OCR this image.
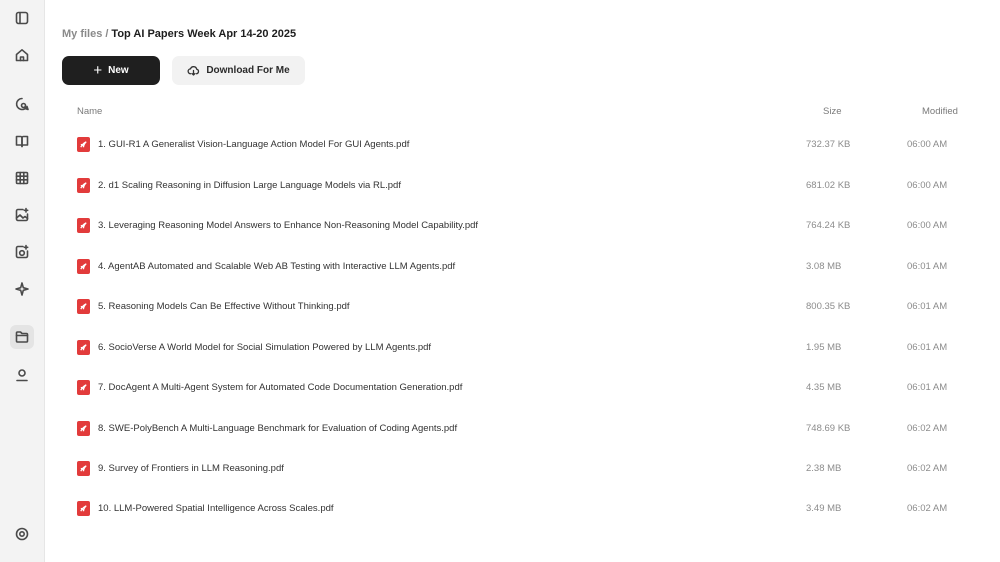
My files / Top AI Papers Week Apr 14-20 2025
+ New	Download For Me
Name	Size	Modified
1. GUI-R1 A Generalist Vision-Language Action Model For GUI Agents.pdf	732.37 KB	06:00 AM
2. d1 Scaling Reasoning in Diffusion Large Language Models via RL.pdf	681.02 KB	06:00 AM
3. Leveraging Reasoning Model Answers to Enhance Non-Reasoning Model Capability.pdf	764.24 KB	06:00 AM
4. AgentAB Automated and Scalable Web AB Testing with Interactive LLM Agents.pdf	3.08 MB	06:01 AM
5. Reasoning Models Can Be Effective Without Thinking.pdf	800.35 KB	06:01 AM
6. SocioVerse A World Model for Social Simulation Powered by LLM Agents.pdf	1.95 MB	06:01 AM
7. DocAgent A Multi-Agent System for Automated Code Documentation Generation.pdf	4.35 MB	06:01 AM
8. SWE-PolyBench A Multi-Language Benchmark for Evaluation of Coding Agents.pdf	748.69 KB	06:02 AM
9. Survey of Frontiers in LLM Reasoning.pdf	2.38 MB	06:02 AM
10. LLM-Powered Spatial Intelligence Across Scales.pdf	3.49 MB	06:02 AM
